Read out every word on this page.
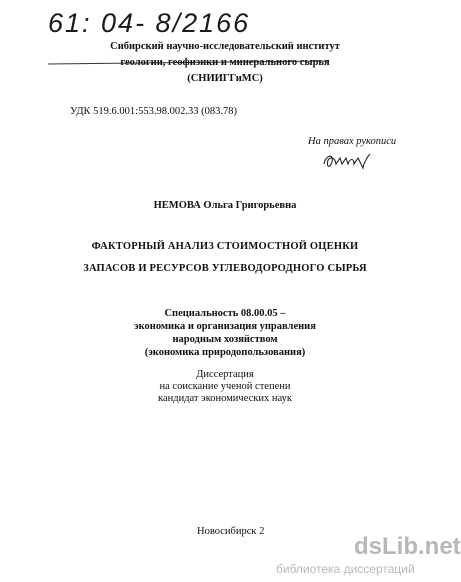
61: 04- 8/2166
Сибирский научно-исследовательский институт
геологии, геофизики и минерального сырья
(СНИИГГиМС)
УДК 519.6.001:553.98.002.33 (083.78)
На правах рукописи
НЕМОВА Ольга Григорьевна
ФАКТОРНЫЙ АНАЛИЗ СТОИМОСТНОЙ ОЦЕНКИ
ЗАПАСОВ И РЕСУРСОВ УГЛЕВОДОРОДНОГО СЫРЬЯ
Специальность 08.00.05 –
экономика и организация управления
народным хозяйством
(экономика природопользования)
Диссертация
на соискание ученой степени
кандидат экономических наук
Новосибирск 2
dsLib.net
библиотека диссертаций
